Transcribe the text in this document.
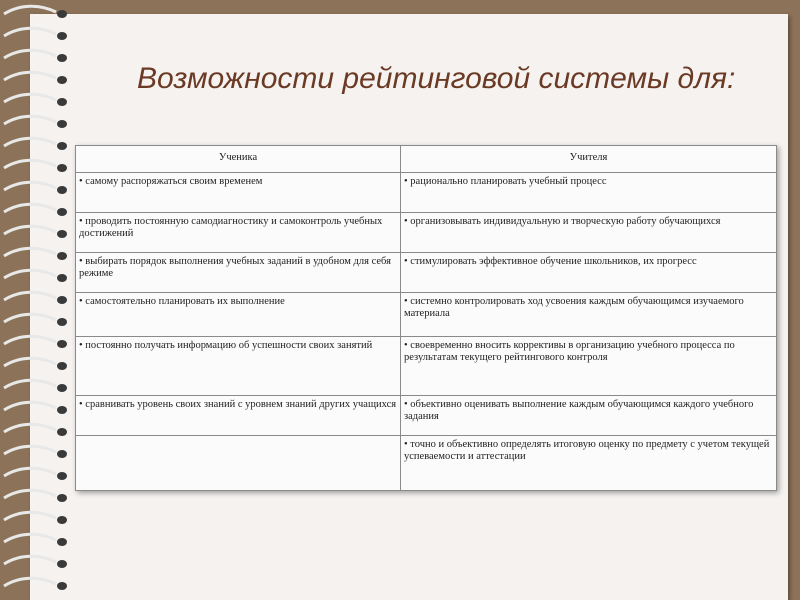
Возможности рейтинговой системы для:
Ученика	Учителя
• самому распоряжаться своим временем	• рационально планировать учебный процесс
• проводить постоянную самодиагностику и самоконтроль учебных достижений	• организовывать индивидуальную и творческую работу обучающихся
• выбирать порядок выполнения учебных заданий в удобном для себя режиме	• стимулировать эффективное обучение школьников, их прогресс
• самостоятельно планировать их выполнение	• системно контролировать ход усвоения каждым обучающимся изучаемого материала
• постоянно получать информацию об успешности своих занятий	• своевременно вносить коррективы в организацию учебного процесса по результатам текущего рейтингового контроля
• сравнивать уровень своих знаний с уровнем знаний других учащихся	• объективно оценивать выполнение каждым обучающимся каждого учебного задания
	• точно и объективно определять итоговую оценку по предмету с учетом текущей успеваемости и аттестации
